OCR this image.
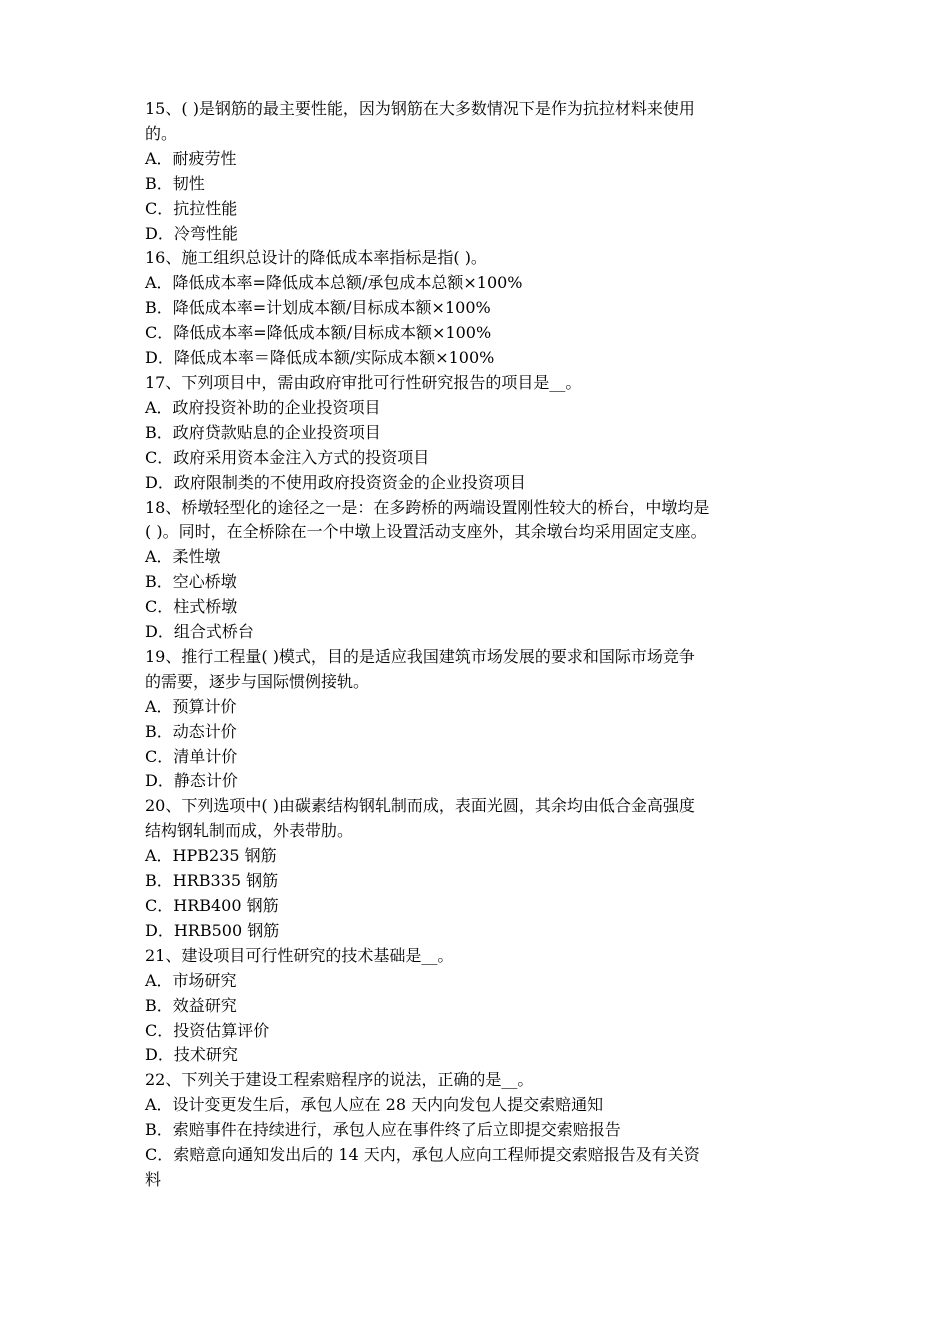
15、( )是钢筋的最主要性能，因为钢筋在大多数情况下是作为抗拉材料来使用
的。
A．耐疲劳性
B．韧性
C．抗拉性能
D．冷弯性能
16、施工组织总设计的降低成本率指标是指( )。
A．降低成本率=降低成本总额/承包成本总额×100%
B．降低成本率=计划成本额/目标成本额×100%
C．降低成本率=降低成本额/目标成本额×100%
D．降低成本率＝降低成本额/实际成本额×100%
17、下列项目中，需由政府审批可行性研究报告的项目是__。
A．政府投资补助的企业投资项目
B．政府贷款贴息的企业投资项目
C．政府采用资本金注入方式的投资项目
D．政府限制类的不使用政府投资资金的企业投资项目
18、桥墩轻型化的途径之一是：在多跨桥的两端设置刚性较大的桥台，中墩均是
( )。同时，在全桥除在一个中墩上设置活动支座外，其余墩台均采用固定支座。
A．柔性墩
B．空心桥墩
C．柱式桥墩
D．组合式桥台
19、推行工程量( )模式，目的是适应我国建筑市场发展的要求和国际市场竞争
的需要，逐步与国际惯例接轨。
A．预算计价
B．动态计价
C．清单计价
D．静态计价
20、下列选项中( )由碳素结构钢轧制而成，表面光圆，其余均由低合金高强度
结构钢轧制而成，外表带肋。
A．HPB235 钢筋
B．HRB335 钢筋
C．HRB400 钢筋
D．HRB500 钢筋
21、建设项目可行性研究的技术基础是__。
A．市场研究
B．效益研究
C．投资估算评价
D．技术研究
22、下列关于建设工程索赔程序的说法，正确的是__。
A．设计变更发生后，承包人应在 28 天内向发包人提交索赔通知
B．索赔事件在持续进行，承包人应在事件终了后立即提交索赔报告
C．索赔意向通知发出后的 14 天内，承包人应向工程师提交索赔报告及有关资
料
